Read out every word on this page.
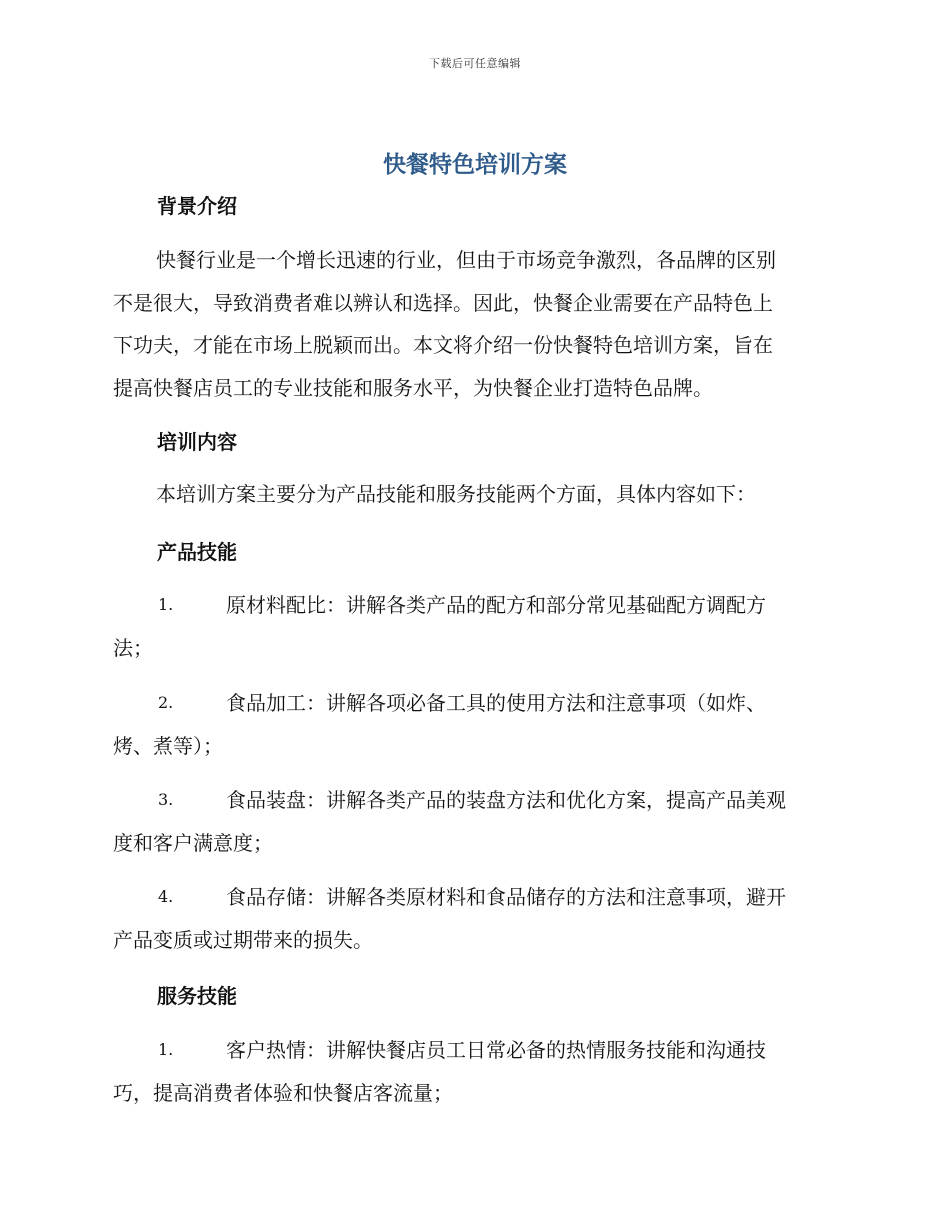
下载后可任意编辑
快餐特色培训方案
背景介绍
快餐行业是一个增长迅速的行业，但由于市场竞争激烈，各品牌的区别
不是很大，导致消费者难以辨认和选择。因此，快餐企业需要在产品特色上
下功夫，才能在市场上脱颖而出。本文将介绍一份快餐特色培训方案，旨在
提高快餐店员工的专业技能和服务水平，为快餐企业打造特色品牌。
培训内容
本培训方案主要分为产品技能和服务技能两个方面，具体内容如下：
产品技能
1.	原材料配比：讲解各类产品的配方和部分常见基础配方调配方
法；
2.	食品加工：讲解各项必备工具的使用方法和注意事项（如炸、
烤、煮等）；
3.	食品装盘：讲解各类产品的装盘方法和优化方案，提高产品美观
度和客户满意度；
4.	食品存储：讲解各类原材料和食品储存的方法和注意事项，避开
产品变质或过期带来的损失。
服务技能
1.	客户热情：讲解快餐店员工日常必备的热情服务技能和沟通技
巧，提高消费者体验和快餐店客流量；
